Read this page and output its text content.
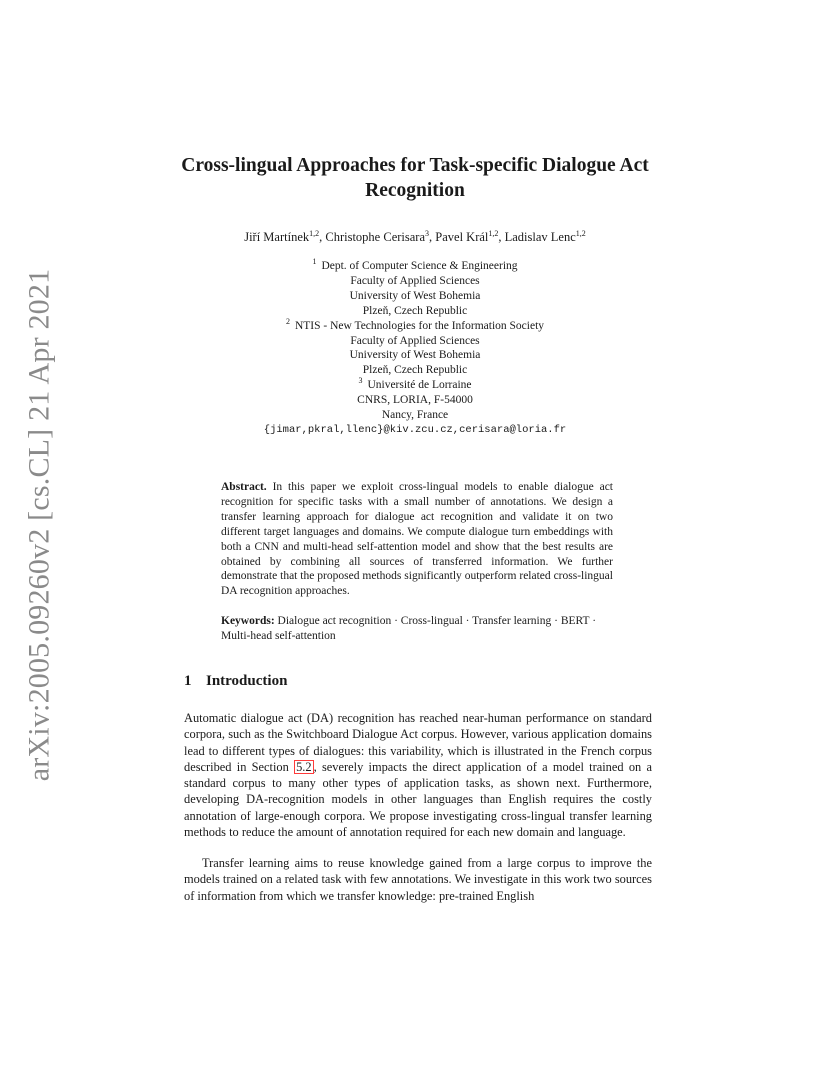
arXiv:2005.09260v2 [cs.CL] 21 Apr 2021
Cross-lingual Approaches for Task-specific Dialogue Act
Recognition
Jiří Martínek$^{1,2}$, Christophe Cerisara$^3$, Pavel Král$^{1,2}$, Ladislav Lenc$^{1,2}$
$^1$ Dept. of Computer Science & Engineering
Faculty of Applied Sciences
University of West Bohemia
Plzeň, Czech Republic
$^2$ NTIS - New Technologies for the Information Society
Faculty of Applied Sciences
University of West Bohemia
Plzeň, Czech Republic
$^3$ Université de Lorraine
CNRS, LORIA, F-54000
Nancy, France
{jimar,pkral,llenc}@kiv.zcu.cz,cerisara@loria.fr

Abstract. In this paper we exploit cross-lingual models to enable dialogue act recognition for specific tasks with a small number of annotations. We design a transfer learning approach for dialogue act recognition and validate it on two different target languages and domains. We compute dialogue turn embeddings with both a CNN and multi-head self-attention model and show that the best results are obtained by combining all sources of transferred information. We further demonstrate that the proposed methods significantly outperform related cross-lingual DA recognition approaches.

Keywords: Dialogue act recognition · Cross-lingual · Transfer learning · BERT · Multi-head self-attention

1 Introduction

Automatic dialogue act (DA) recognition has reached near-human performance on standard corpora, such as the Switchboard Dialogue Act corpus. However, various application domains lead to different types of dialogues: this variability, which is illustrated in the French corpus described in Section 5.2 , severely impacts the direct application of a model trained on a standard corpus to many other types of application tasks, as shown next. Furthermore, developing DA-recognition models in other languages than English requires the costly annotation of large-enough corpora. We propose investigating cross-lingual transfer learning methods to reduce the amount of annotation required for each new domain and language.

Transfer learning aims to reuse knowledge gained from a large corpus to improve the models trained on a related task with few annotations. We investigate in this work two sources of information from which we transfer knowledge: pre-trained English
